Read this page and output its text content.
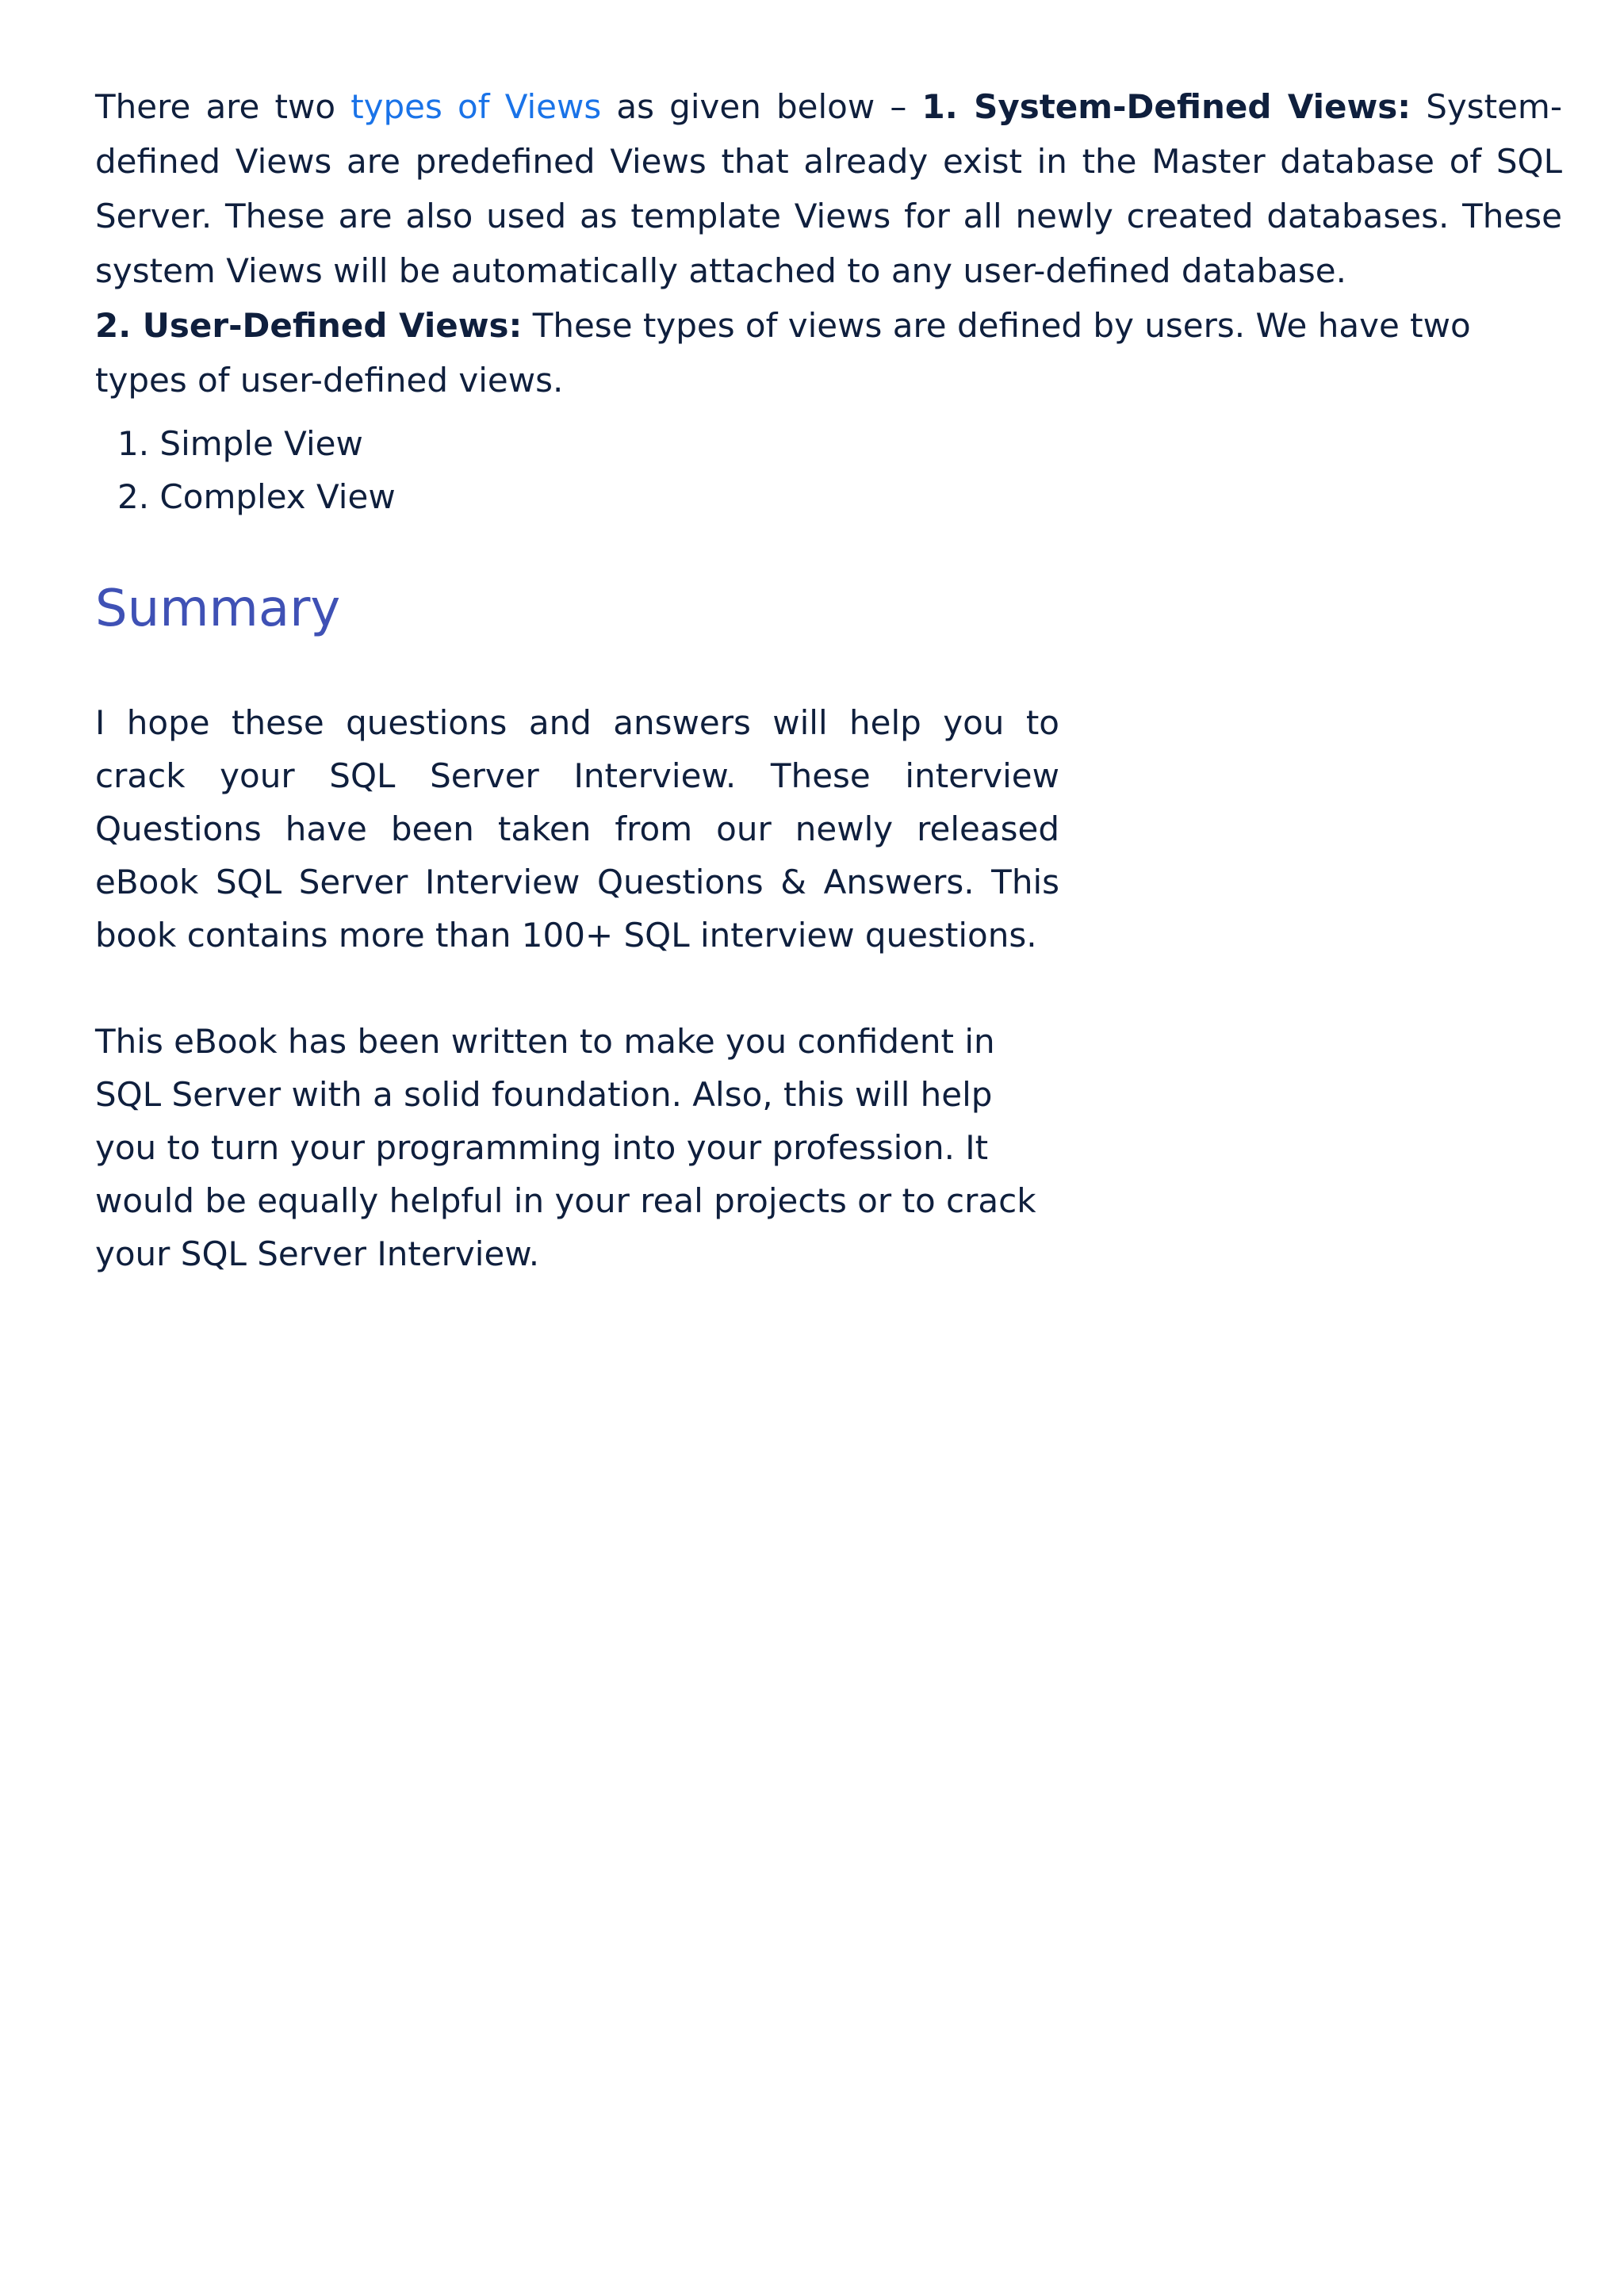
There are two types of Views as given below – 1. System-Defined Views: System-defined Views are predefined Views that already exist in the Master database of SQL Server. These are also used as template Views for all newly created databases. These system Views will be automatically attached to any user-defined database.

2. User-Defined Views: These types of views are defined by users. We have two types of user-defined views.

1. Simple View
2. Complex View
Summary

I hope these questions and answers will help you to crack your SQL Server Interview. These interview Questions have been taken from our newly released eBook SQL Server Interview Questions & Answers. This book contains more than 100+ SQL interview questions.

This eBook has been written to make you confident in SQL Server with a solid foundation. Also, this will help you to turn your programming into your profession. It would be equally helpful in your real projects or to crack your SQL Server Interview.
